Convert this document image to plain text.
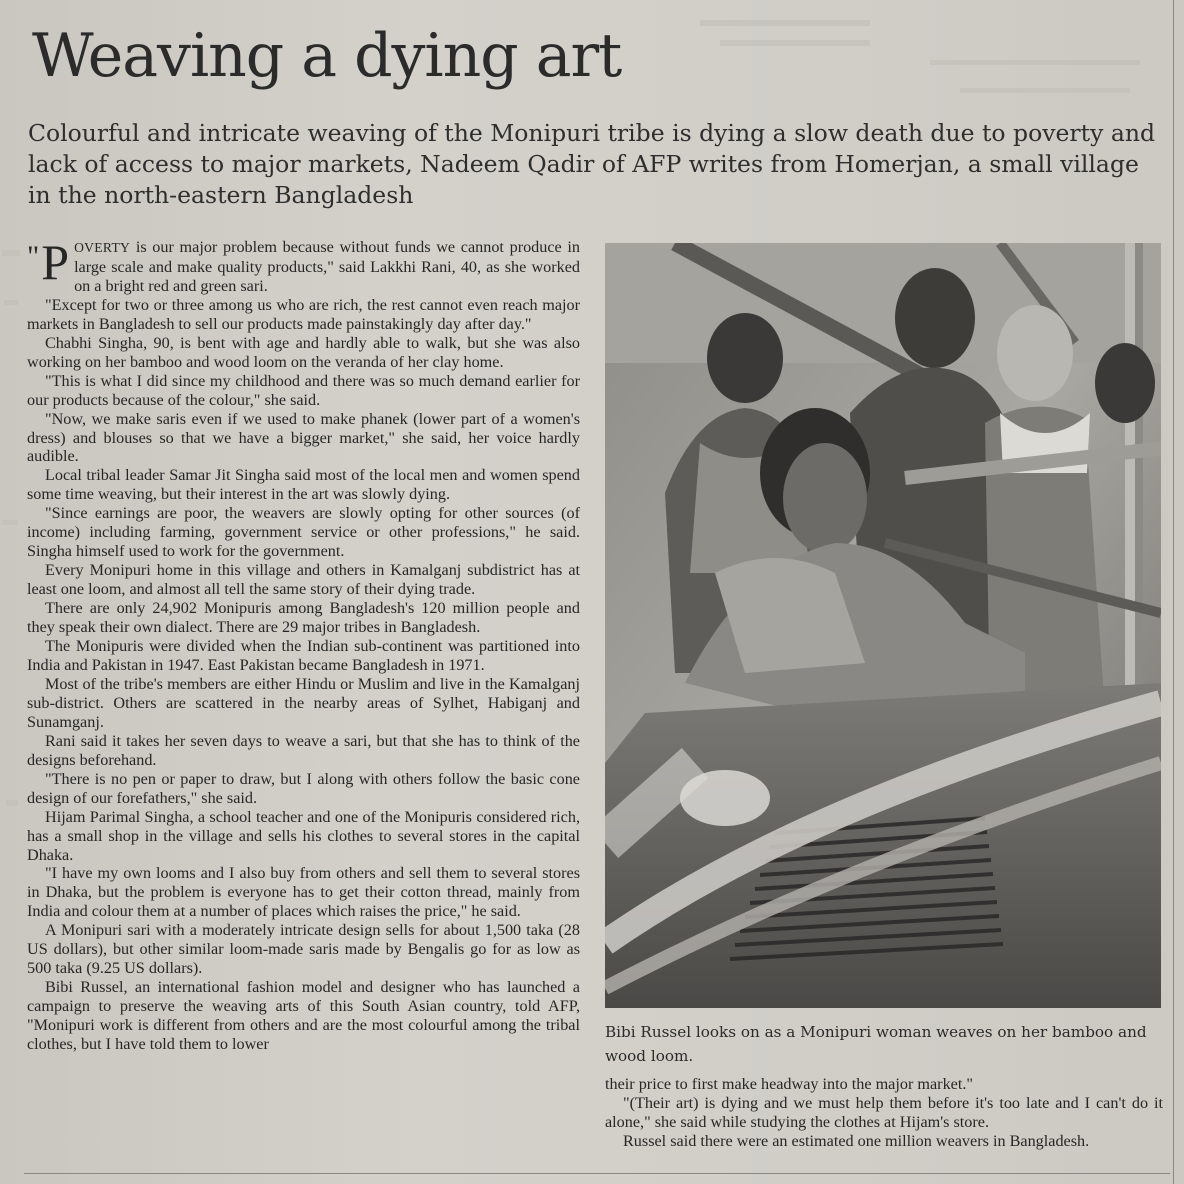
Weaving a dying art

Colourful and intricate weaving of the Monipuri tribe is dying a slow death due to poverty and lack of access to major markets, Nadeem Qadir of AFP writes from Homerjan, a small village in the north-eastern Bangladesh

"P OVERTY is our major problem because without funds we cannot produce in large scale and make quality products," said Lakkhi Rani, 40, as she worked on a bright red and green sari.

"Except for two or three among us who are rich, the rest cannot even reach major markets in Bangladesh to sell our products made painstakingly day after day."

Chabhi Singha, 90, is bent with age and hardly able to walk, but she was also working on her bamboo and wood loom on the veranda of her clay home.

"This is what I did since my childhood and there was so much demand earlier for our products because of the colour," she said.

"Now, we make saris even if we used to make phanek (lower part of a women's dress) and blouses so that we have a bigger market," she said, her voice hardly audible.

Local tribal leader Samar Jit Singha said most of the local men and women spend some time weaving, but their interest in the art was slowly dying.

"Since earnings are poor, the weavers are slowly opting for other sources (of income) including farming, government service or other professions," he said. Singha himself used to work for the government.

Every Monipuri home in this village and others in Kamalganj subdistrict has at least one loom, and almost all tell the same story of their dying trade.

There are only 24,902 Monipuris among Bangladesh's 120 million people and they speak their own dialect. There are 29 major tribes in Bangladesh.

The Monipuris were divided when the Indian sub-continent was partitioned into India and Pakistan in 1947. East Pakistan became Bangladesh in 1971.

Most of the tribe's members are either Hindu or Muslim and live in the Kamalganj sub-district. Others are scattered in the nearby areas of Sylhet, Habiganj and Sunamganj.

Rani said it takes her seven days to weave a sari, but that she has to think of the designs beforehand.

"There is no pen or paper to draw, but I along with others follow the basic cone design of our forefathers," she said.

Hijam Parimal Singha, a school teacher and one of the Monipuris considered rich, has a small shop in the village and sells his clothes to several stores in the capital Dhaka.

"I have my own looms and I also buy from others and sell them to several stores in Dhaka, but the problem is everyone has to get their cotton thread, mainly from India and colour them at a number of places which raises the price," he said.

A Monipuri sari with a moderately intricate design sells for about 1,500 taka (28 US dollars), but other similar loom-made saris made by Bengalis go for as low as 500 taka (9.25 US dollars).

Bibi Russel, an international fashion model and designer who has launched a campaign to preserve the weaving arts of this South Asian country, told AFP, "Monipuri work is different from others and are the most colourful among the tribal clothes, but I have told them to lower

Bibi Russel looks on as a Monipuri woman weaves on her bamboo and wood loom.

their price to first make headway into the major market."

"(Their art) is dying and we must help them before it's too late and I can't do it alone," she said while studying the clothes at Hijam's store.

Russel said there were an estimated one million weavers in Bangladesh.
